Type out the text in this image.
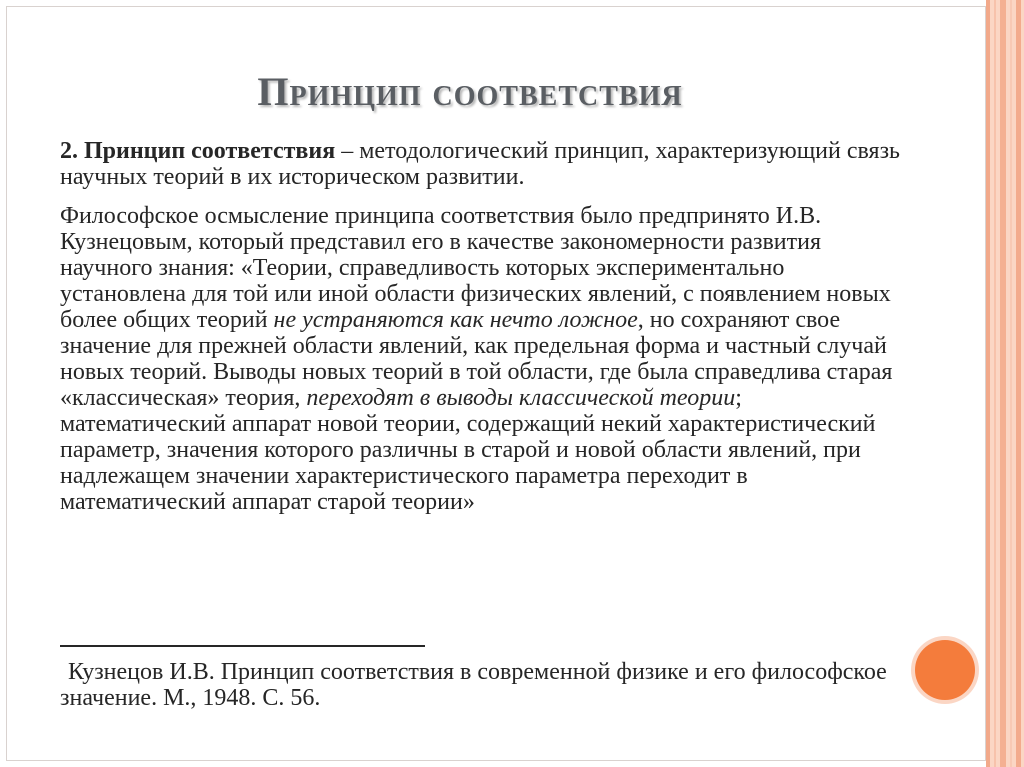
Принцип соответствия

2. Принцип соответствия – методологический принцип, характеризующий связь научных теорий в их историческом развитии.

Философское осмысление принципа соответствия было предпринято И.В. Кузнецовым, который представил его в качестве закономерности развития научного знания: «Теории, справедливость которых экспериментально установлена для той или иной области физических явлений, с появлением новых более общих теорий не устраняются как нечто ложное, но сохраняют свое значение для прежней области явлений, как предельная форма и частный случай новых теорий. Выводы новых теорий в той области, где была справедлива старая «классическая» теория, переходят в выводы классической теории; математический аппарат новой теории, содержащий некий характеристический параметр, значения которого различны в старой и новой области явлений, при надлежащем значении характеристического параметра переходит в математический аппарат старой теории»

Кузнецов И.В. Принцип соответствия в современной физике и его философское значение. М., 1948. С. 56.
